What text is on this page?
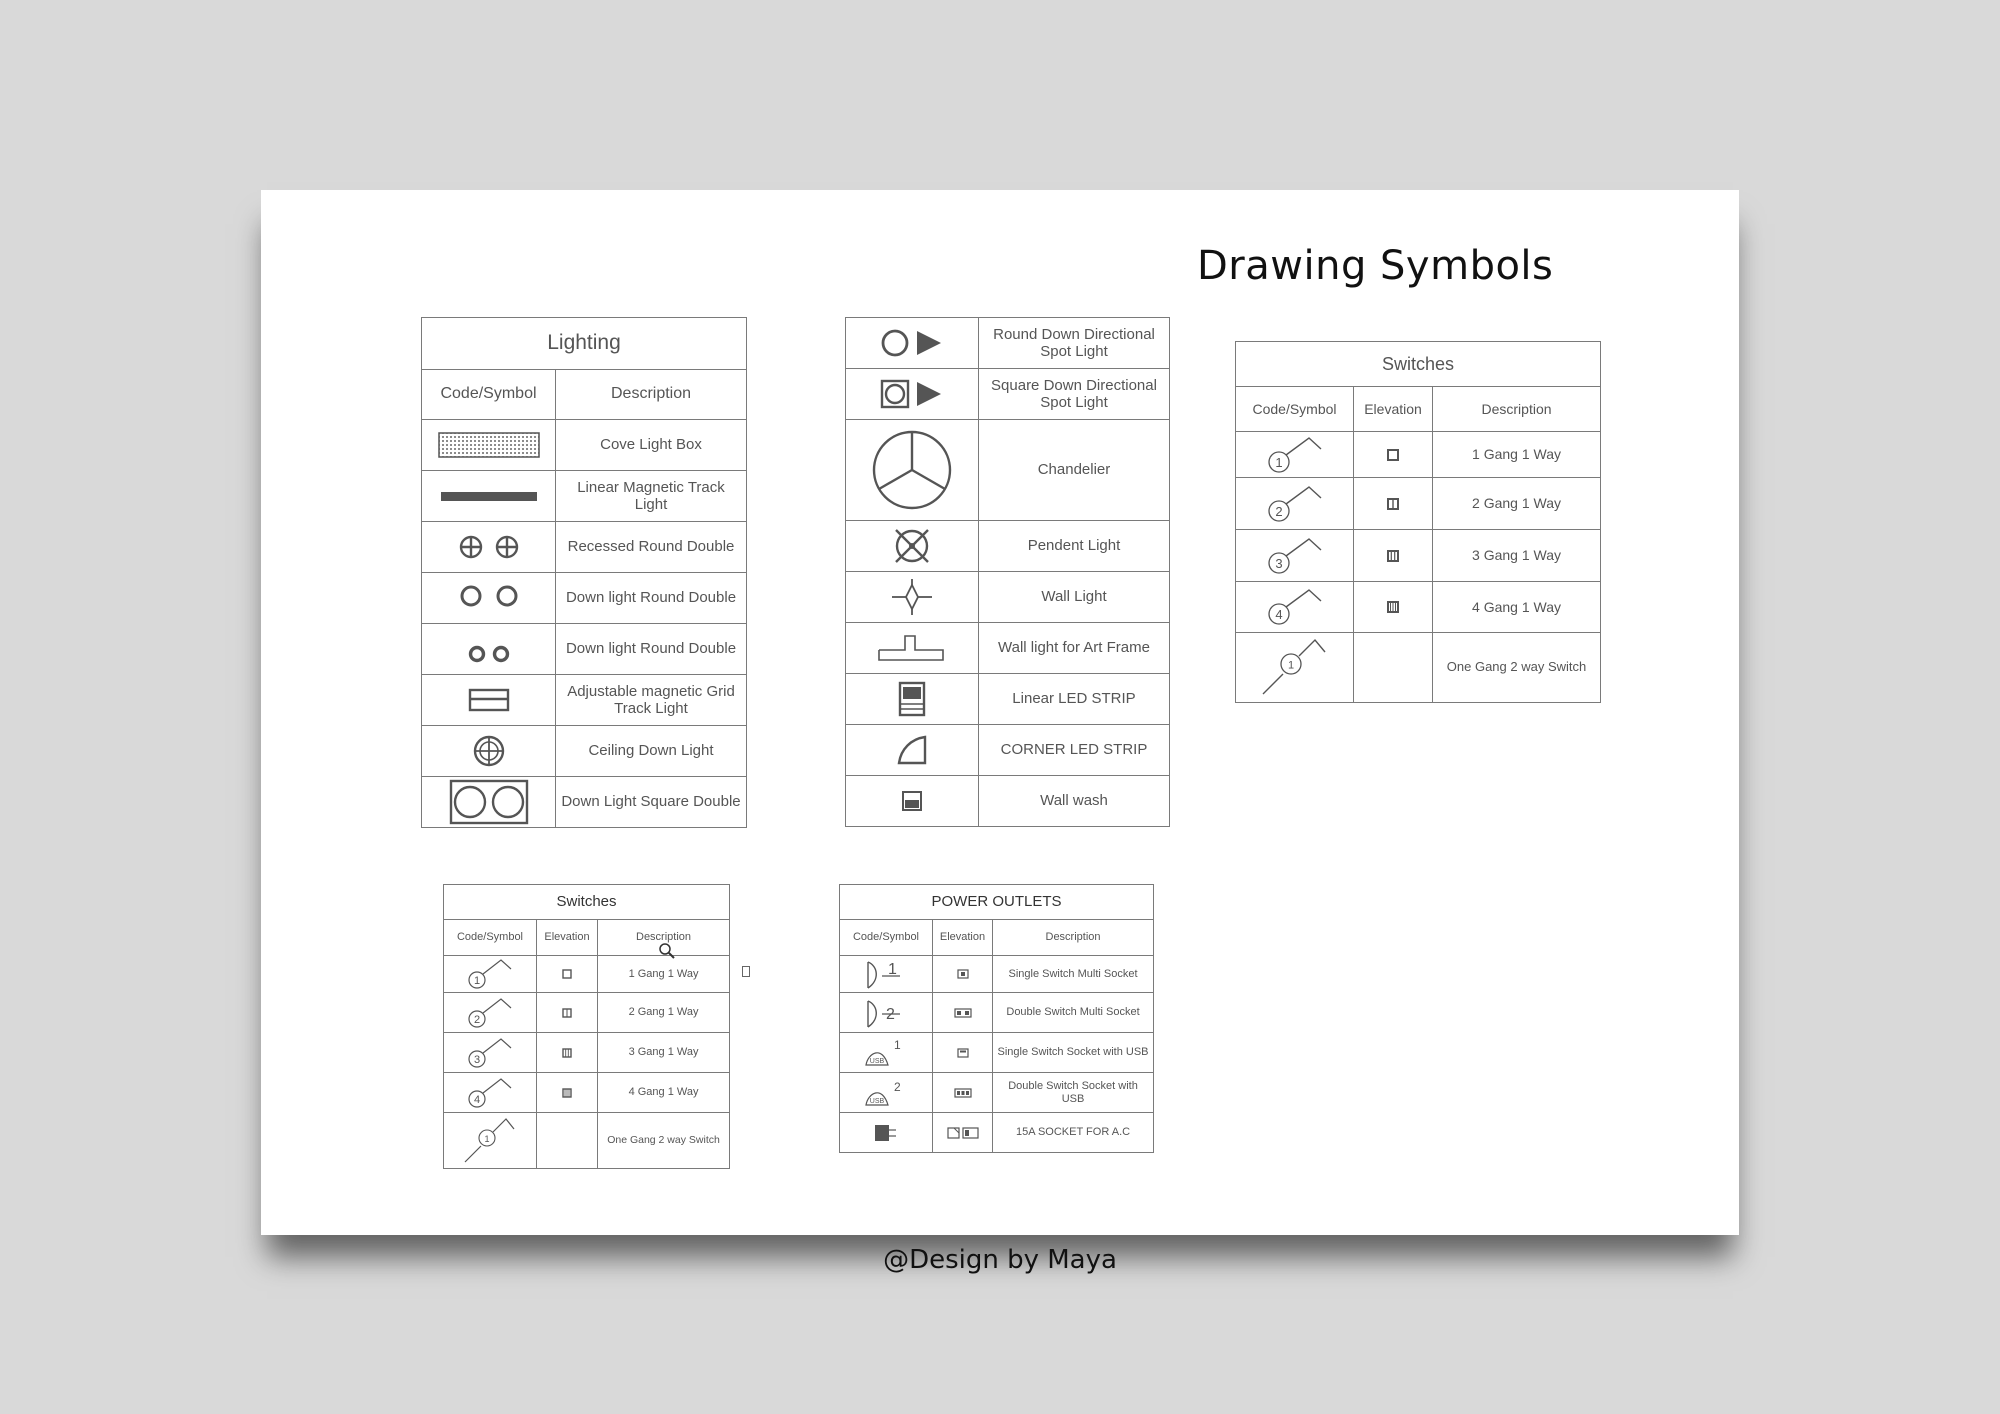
Drawing Symbols
Lighting	
Code/Symbol	Description

	Cove Light Box

	Linear Magnetic Track Light

	Recessed Round Double

	Down light Round Double

	Down light Round Double

	Adjustable magnetic Grid Track Light

	Ceiling Down Light

	Down Light Square Double
	Round Down Directional Spot Light

	Square Down Directional Spot Light

	Chandelier

	Pendent Light

	Wall Light

	Wall light for Art Frame

	Linear LED STRIP

	CORNER LED STRIP

	Wall wash
Switches		
Code/Symbol	Elevation	Description

1		1 Gang 1 Way

2		2 Gang 1 Way

3		3 Gang 1 Way

4		4 Gang 1 Way

1		One Gang 2 way Switch
Switches		
Code/Symbol	Elevation	Description

1		1 Gang 1 Way

2		2 Gang 1 Way

3		3 Gang 1 Way

4		4 Gang 1 Way

1		One Gang 2 way Switch
POWER OUTLETS		
Code/Symbol	Elevation	Description

1		Single Switch Multi Socket

2		Double Switch Multi Socket

USB
1		Single Switch Socket with USB

USB
2		Double Switch Socket with USB

	15A SOCKET FOR A.C
@Design by Maya
